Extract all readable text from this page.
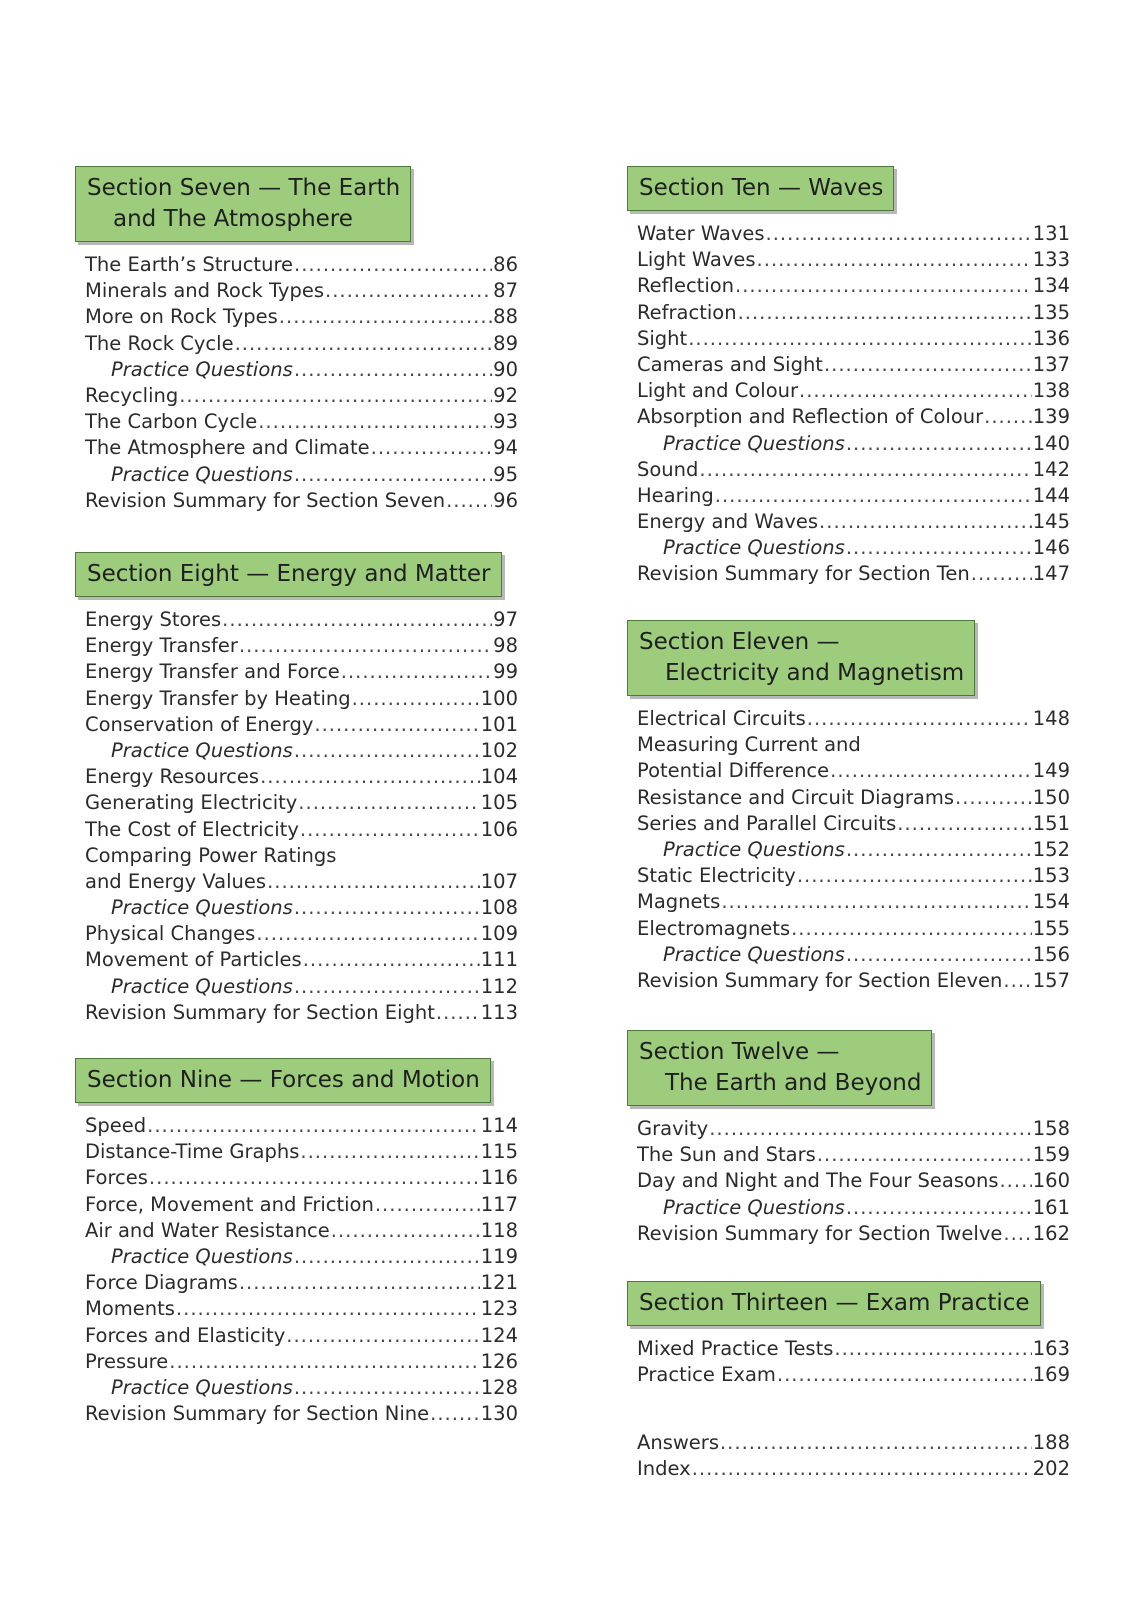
Section Seven — The Earth
and The Atmosphere
The Earth’s Structure .....	86
Minerals and Rock Types .....	87
More on Rock Types .....	88
The Rock Cycle .....	89
Practice Questions .....	90
Recycling .....	92
The Carbon Cycle .....	93
The Atmosphere and Climate .....	94
Practice Questions .....	95
Revision Summary for Section Seven ..... 96
Section Eight — Energy and Matter
Energy Stores .....	97
Energy Transfer .....	98
Energy Transfer and Force .....	99
Energy Transfer by Heating .....	100
Conservation of Energy .....	101
Practice Questions .....	102
Energy Resources .....	104
Generating Electricity .....	105
The Cost of Electricity .....	106
Comparing Power Ratings
and Energy Values .....	107
Practice Questions .....	108
Physical Changes .....	109
Movement of Particles .....	111
Practice Questions .....	112
Revision Summary for Section Eight ..... 113
Section Nine — Forces and Motion
Speed .....	114
Distance-Time Graphs .....	115
Forces .....	116
Force, Movement and Friction .....	117
Air and Water Resistance .....	118
Practice Questions .....	119
Force Diagrams .....	121
Moments .....	123
Forces and Elasticity .....	124
Pressure .....	126
Practice Questions .....	128
Revision Summary for Section Nine .....	130
Section Ten — Waves
Water Waves .....	131
Light Waves .....	133
Reflection .....	134
Refraction .....	135
Sight .....	136
Cameras and Sight .....	137
Light and Colour .....	138
Absorption and Reflection of Colour .....	139
Practice Questions .....	140
Sound .....	142
Hearing .....	144
Energy and Waves .....	145
Practice Questions .....	146
Revision Summary for Section Ten .....	147
Section Eleven —
Electricity and Magnetism
Electrical Circuits .....	148
Measuring Current and
Potential Difference .....	149
Resistance and Circuit Diagrams .....	150
Series and Parallel Circuits .....	151
Practice Questions .....	152
Static Electricity .....	153
Magnets .....	154
Electromagnets .....	155
Practice Questions .....	156
Revision Summary for Section Eleven ..... 157
Section Twelve —
The Earth and Beyond
Gravity .....	158
The Sun and Stars .....	159
Day and Night and The Four Seasons ..... 160
Practice Questions .....	161
Revision Summary for Section Twelve ..... 162
Section Thirteen — Exam Practice
Mixed Practice Tests .....	163
Practice Exam .....	169
Answers .....	188
Index .....	202
